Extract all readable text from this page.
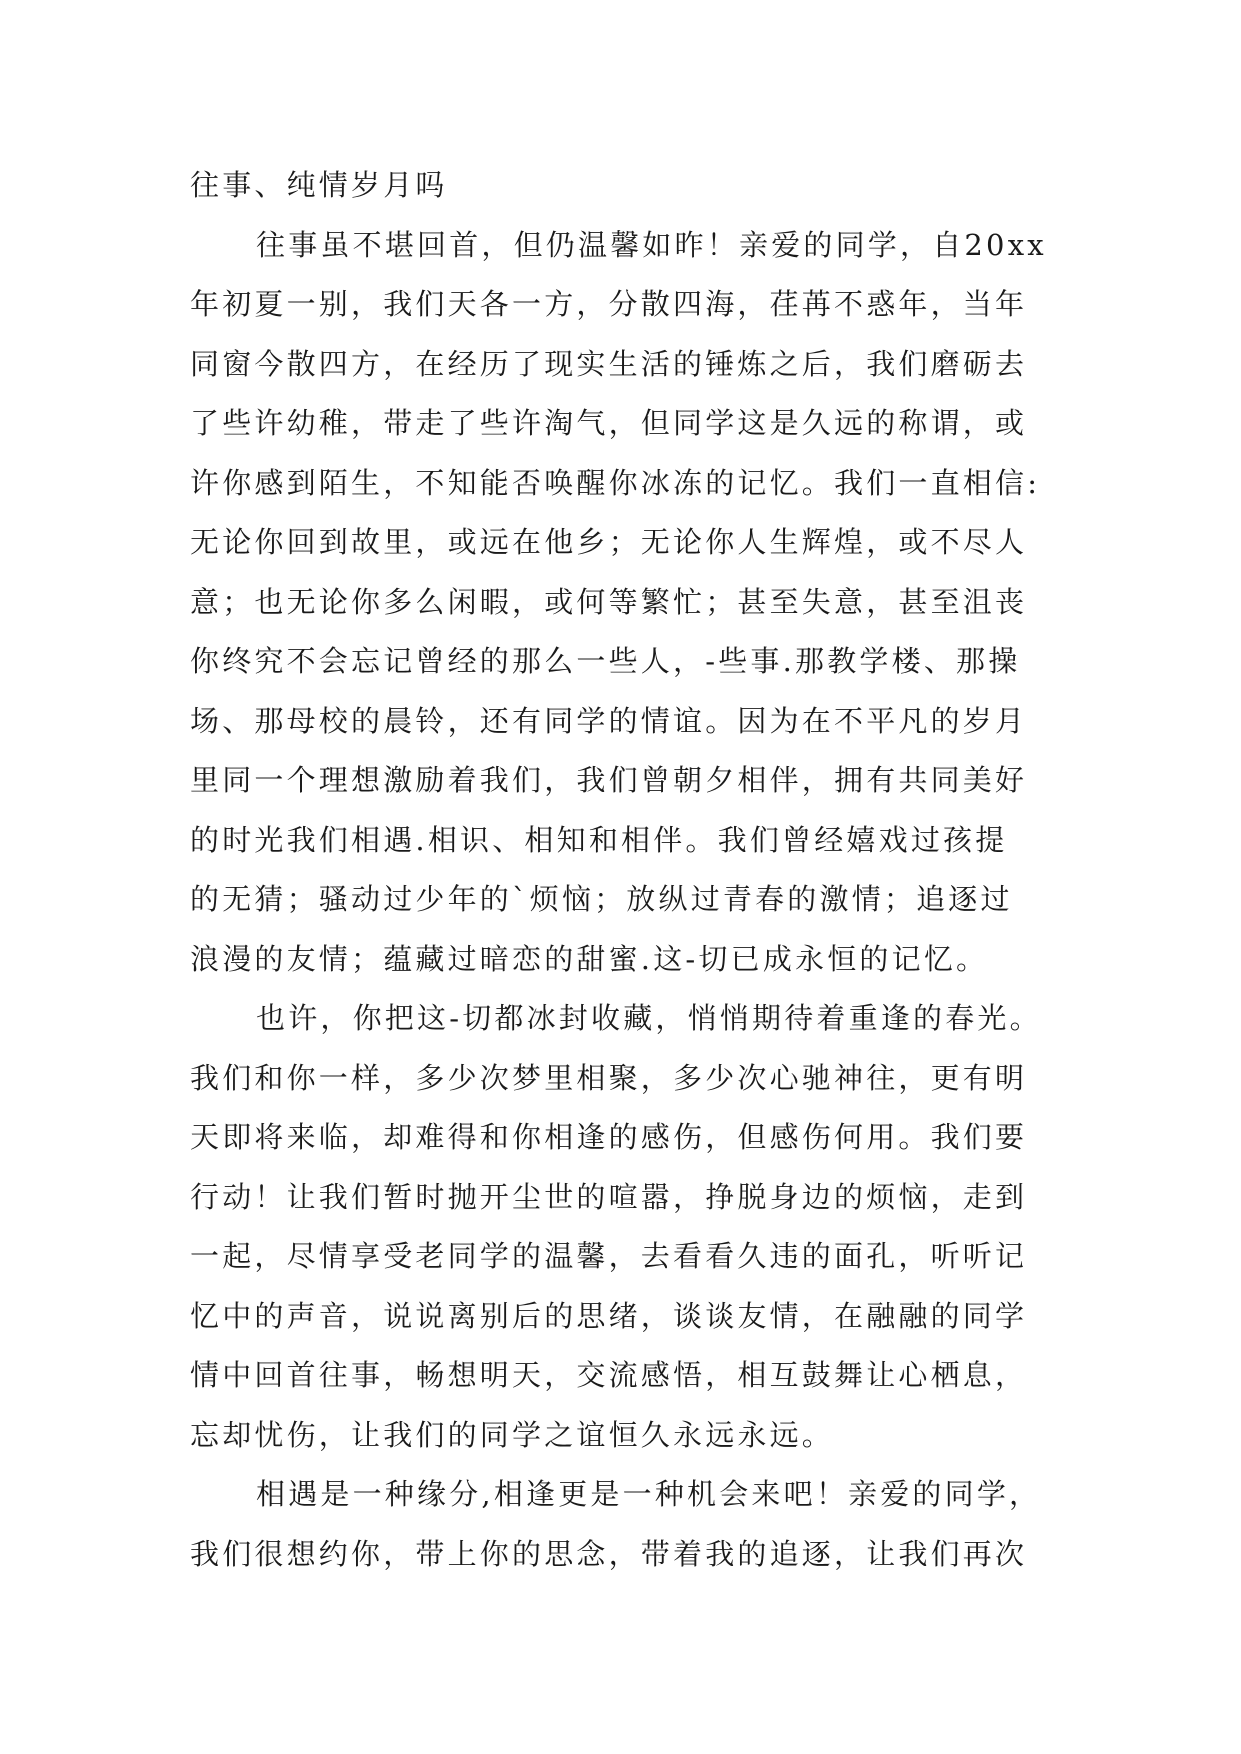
往事、纯情岁月吗
往事虽不堪回首，但仍温馨如昨！亲爱的同学，自20xx
年初夏一别，我们天各一方，分散四海，荏苒不惑年，当年
同窗今散四方，在经历了现实生活的锤炼之后，我们磨砺去
了些许幼稚，带走了些许淘气，但同学这是久远的称谓，或
许你感到陌生，不知能否唤醒你冰冻的记忆。我们一直相信:
无论你回到故里，或远在他乡；无论你人生辉煌，或不尽人
意；也无论你多么闲暇，或何等繁忙；甚至失意，甚至沮丧
你终究不会忘记曾经的那么一些人，-些事.那教学楼、那操
场、那母校的晨铃，还有同学的情谊。因为在不平凡的岁月
里同一个理想激励着我们，我们曾朝夕相伴，拥有共同美好
的时光我们相遇.相识、相知和相伴。我们曾经嬉戏过孩提
的无猜；骚动过少年的`烦恼；放纵过青春的激情；追逐过
浪漫的友情；蕴藏过暗恋的甜蜜.这-切已成永恒的记忆。
也许，你把这-切都冰封收藏，悄悄期待着重逢的春光。
我们和你一样，多少次梦里相聚，多少次心驰神往，更有明
天即将来临，却难得和你相逢的感伤，但感伤何用。我们要
行动！让我们暂时抛开尘世的喧嚣，挣脱身边的烦恼，走到
一起，尽情享受老同学的温馨，去看看久违的面孔，听听记
忆中的声音，说说离别后的思绪，谈谈友情，在融融的同学
情中回首往事，畅想明天，交流感悟，相互鼓舞让心栖息，
忘却忧伤，让我们的同学之谊恒久永远永远。
相遇是一种缘分,相逢更是一种机会来吧！亲爱的同学，
我们很想约你，带上你的思念，带着我的追逐，让我们再次
